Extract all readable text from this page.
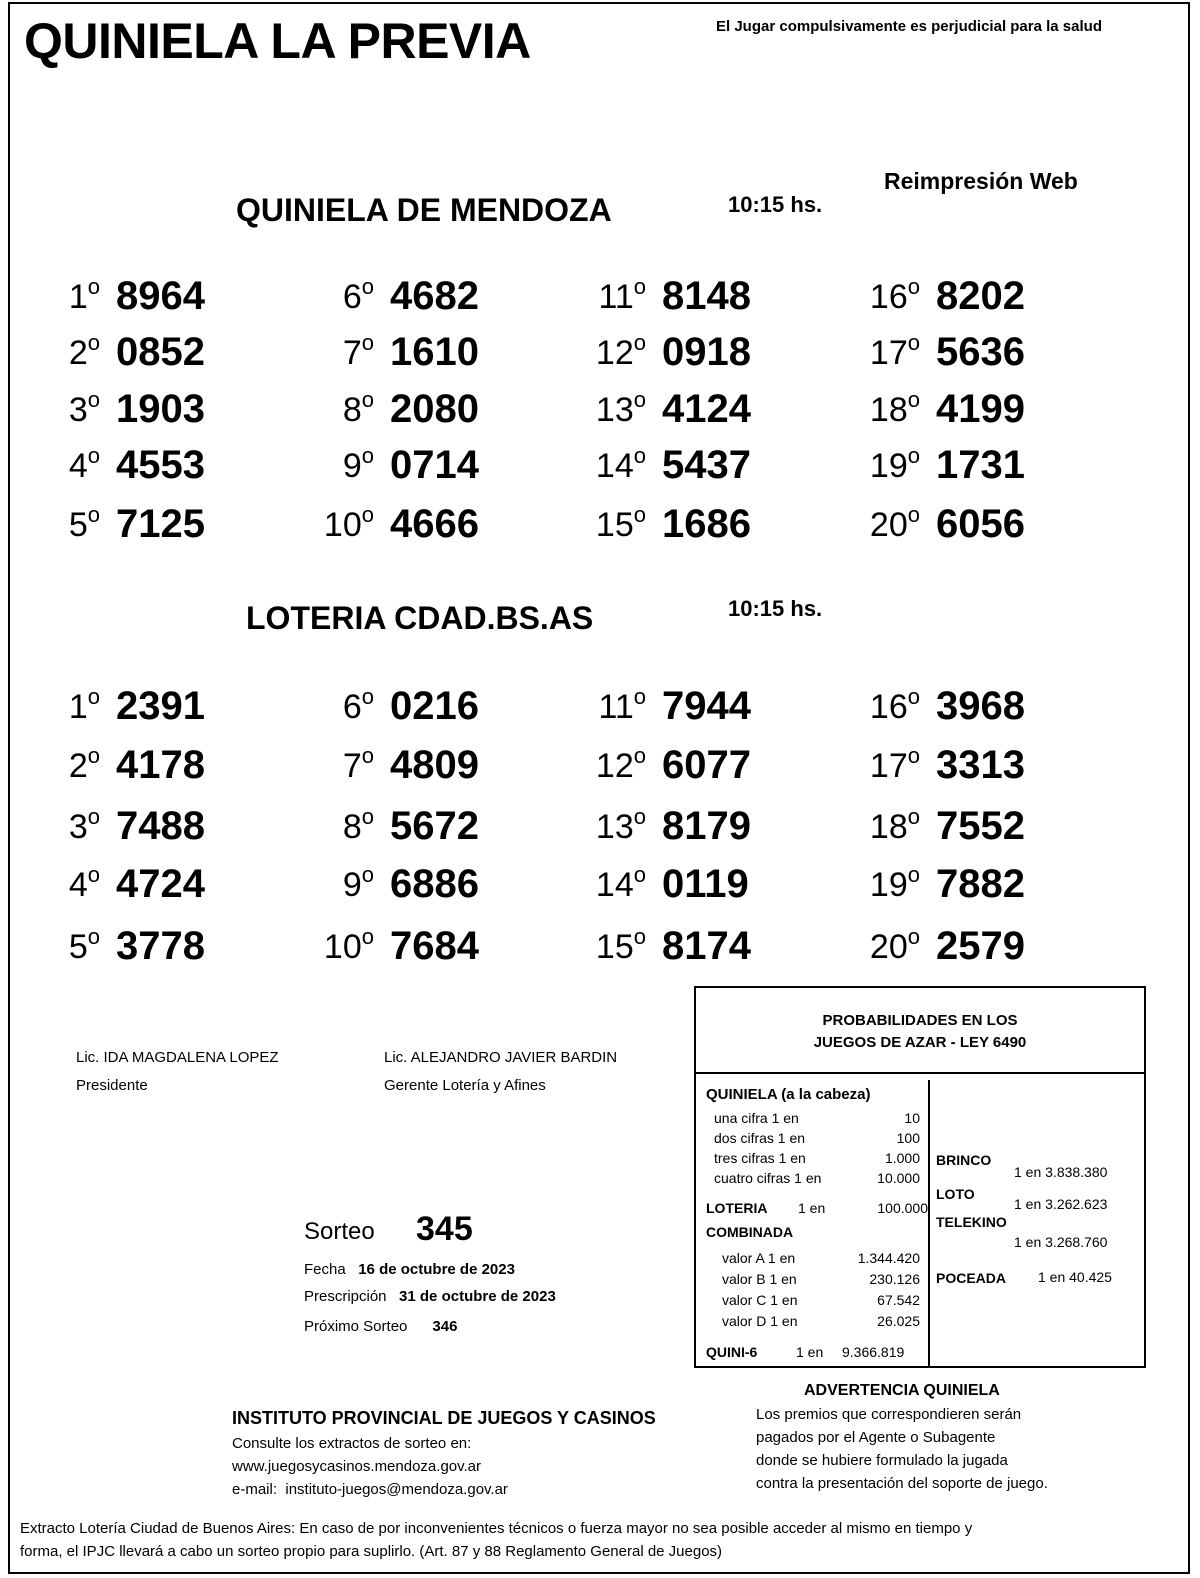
QUINIELA LA PREVIA	El Jugar compulsivamente es perjudicial para la salud
Reimpresión Web
QUINIELA DE MENDOZA	10:15 hs.
1$^o$ 8964
2$^o$ 0852
3$^o$ 1903
4$^o$ 4553
5$^o$ 7125
6$^o$ 4682
7$^o$ 1610
8$^o$ 2080
9$^o$ 0714
10$^o$ 4666
11$^o$ 8148
12$^o$ 0918
13$^o$ 4124
14$^o$ 5437
15$^o$ 1686
16$^o$ 8202
17$^o$ 5636
18$^o$ 4199
19$^o$ 1731
20$^o$ 6056
LOTERIA CDAD.BS.AS	10:15 hs.
1$^o$ 2391
2$^o$ 4178
3$^o$ 7488
4$^o$ 4724
5$^o$ 3778
6$^o$ 0216
7$^o$ 4809
8$^o$ 5672
9$^o$ 6886
10$^o$ 7684
11$^o$ 7944
12$^o$ 6077
13$^o$ 8179
14$^o$ 0119
15$^o$ 8174
16$^o$ 3968
17$^o$ 3313
18$^o$ 7552
19$^o$ 7882
20$^o$ 2579
Lic. IDA MAGDALENA LOPEZ
Presidente
Lic. ALEJANDRO JAVIER BARDIN
Gerente Lotería y Afines
Sorteo 345
Fecha 16 de octubre de 2023
Prescripción 31 de octubre de 2023
Próximo Sorteo 346
PROBABILIDADES EN LOS
JUEGOS DE AZAR - LEY 6490
QUINIELA (a la cabeza)
una cifra 1 en	10
dos cifras 1 en	100
tres cifras 1 en	1.000
cuatro cifras 1 en	10.000
LOTERIA 1 en	100.000
COMBINADA
valor A 1 en	1.344.420
valor B 1 en	230.126
valor C 1 en	67.542
valor D 1 en	26.025
QUINI-6	1 en 9.366.819
BRINCO
1 en 3.838.380
LOTO
1 en 3.262.623
TELEKINO
1 en 3.268.760
POCEADA 1 en 40.425
ADVERTENCIA QUINIELA
Los premios que correspondieren serán
pagados por el Agente o Subagente
donde se hubiere formulado la jugada
contra la presentación del soporte de juego.
INSTITUTO PROVINCIAL DE JUEGOS Y CASINOS
Consulte los extractos de sorteo en:
www.juegosycasinos.mendoza.gov.ar
e-mail: instituto-juegos@mendoza.gov.ar
Extracto Lotería Ciudad de Buenos Aires: En caso de por inconvenientes técnicos o fuerza mayor no sea posible acceder al mismo en tiempo y
forma, el IPJC llevará a cabo un sorteo propio para suplirlo. (Art. 87 y 88 Reglamento General de Juegos)
